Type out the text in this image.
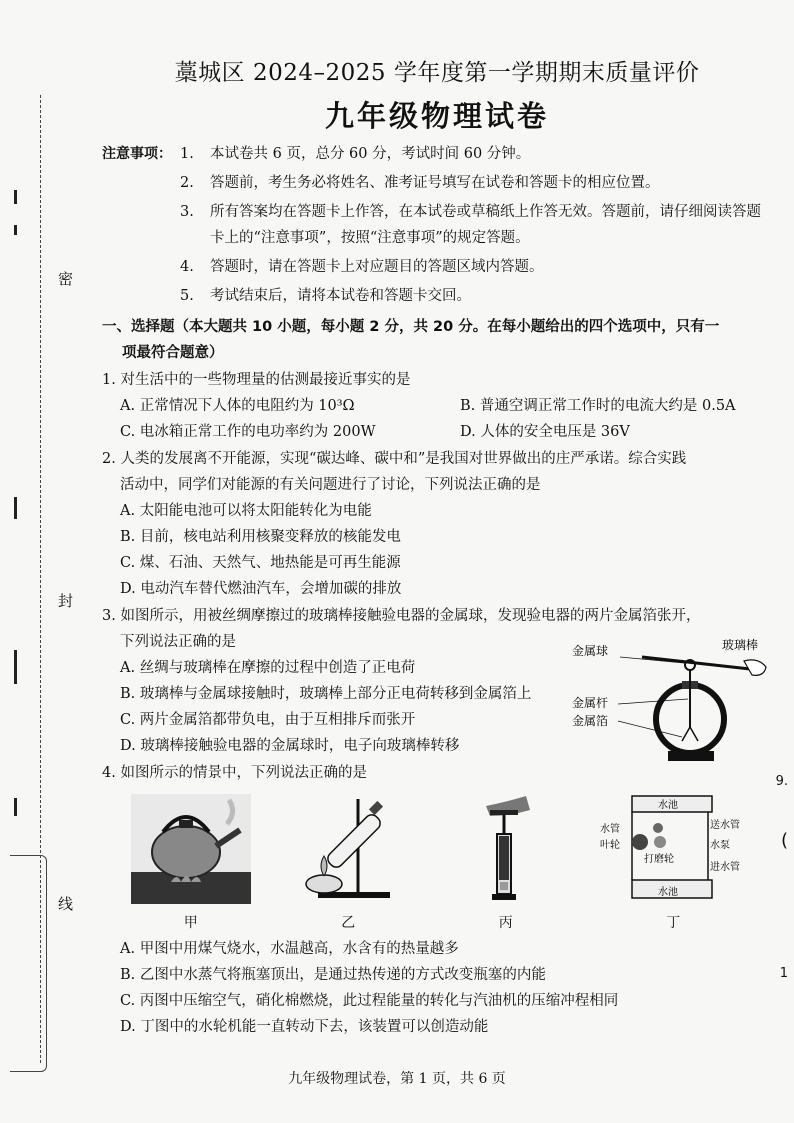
密
封
线
9.
(
1
藁城区 2024–2025 学年度第一学期期末质量评价
九年级物理试卷
注意事项： 1.	本试卷共 6 页，总分 60 分，考试时间 60 分钟。
2.	答题前，考生务必将姓名、准考证号填写在试卷和答题卡的相应位置。
3.	所有答案均在答题卡上作答，在本试卷或草稿纸上作答无效。答题前，请仔细阅读答题卡上的“注意事项”，按照“注意事项”的规定答题。
4.	答题时，请在答题卡上对应题目的答题区域内答题。
5.	考试结束后，请将本试卷和答题卡交回。
一、选择题（本大题共 10 小题，每小题 2 分，共 20 分。在每小题给出的四个选项中，只有一
项最符合题意）
1. 对生活中的一些物理量的估测最接近事实的是
A. 正常情况下人体的电阻约为 10³Ω	B. 普通空调正常工作时的电流大约是 0.5A
C. 电冰箱正常工作的电功率约为 200W	D. 人体的安全电压是 36V
2. 人类的发展离不开能源，实现“碳达峰、碳中和”是我国对世界做出的庄严承诺。综合实践
活动中，同学们对能源的有关问题进行了讨论，下列说法正确的是
A. 太阳能电池可以将太阳能转化为电能
B. 目前，核电站利用核聚变释放的核能发电
C. 煤、石油、天然气、地热能是可再生能源
D. 电动汽车替代燃油汽车，会增加碳的排放
3. 如图所示，用被丝绸摩擦过的玻璃棒接触验电器的金属球，发现验电器的两片金属箔张开，
下列说法正确的是
A. 丝绸与玻璃棒在摩擦的过程中创造了正电荷
B. 玻璃棒与金属球接触时，玻璃棒上部分正电荷转移到金属箔上
C. 两片金属箔都带负电，由于互相排斥而张开
D. 玻璃棒接触验电器的金属球时，电子向玻璃棒转移
金属球	玻璃棒
金属杆
金属箔
4. 如图所示的情景中，下列说法正确的是
甲	乙	丙
水池
水池
水管
叶轮
送水管
水泵
打磨轮
进水管
丁
A. 甲图中用煤气烧水，水温越高，水含有的热量越多
B. 乙图中水蒸气将瓶塞顶出，是通过热传递的方式改变瓶塞的内能
C. 丙图中压缩空气，硝化棉燃烧，此过程能量的转化与汽油机的压缩冲程相同
D. 丁图中的水轮机能一直转动下去，该装置可以创造动能
九年级物理试卷，第 1 页，共 6 页
